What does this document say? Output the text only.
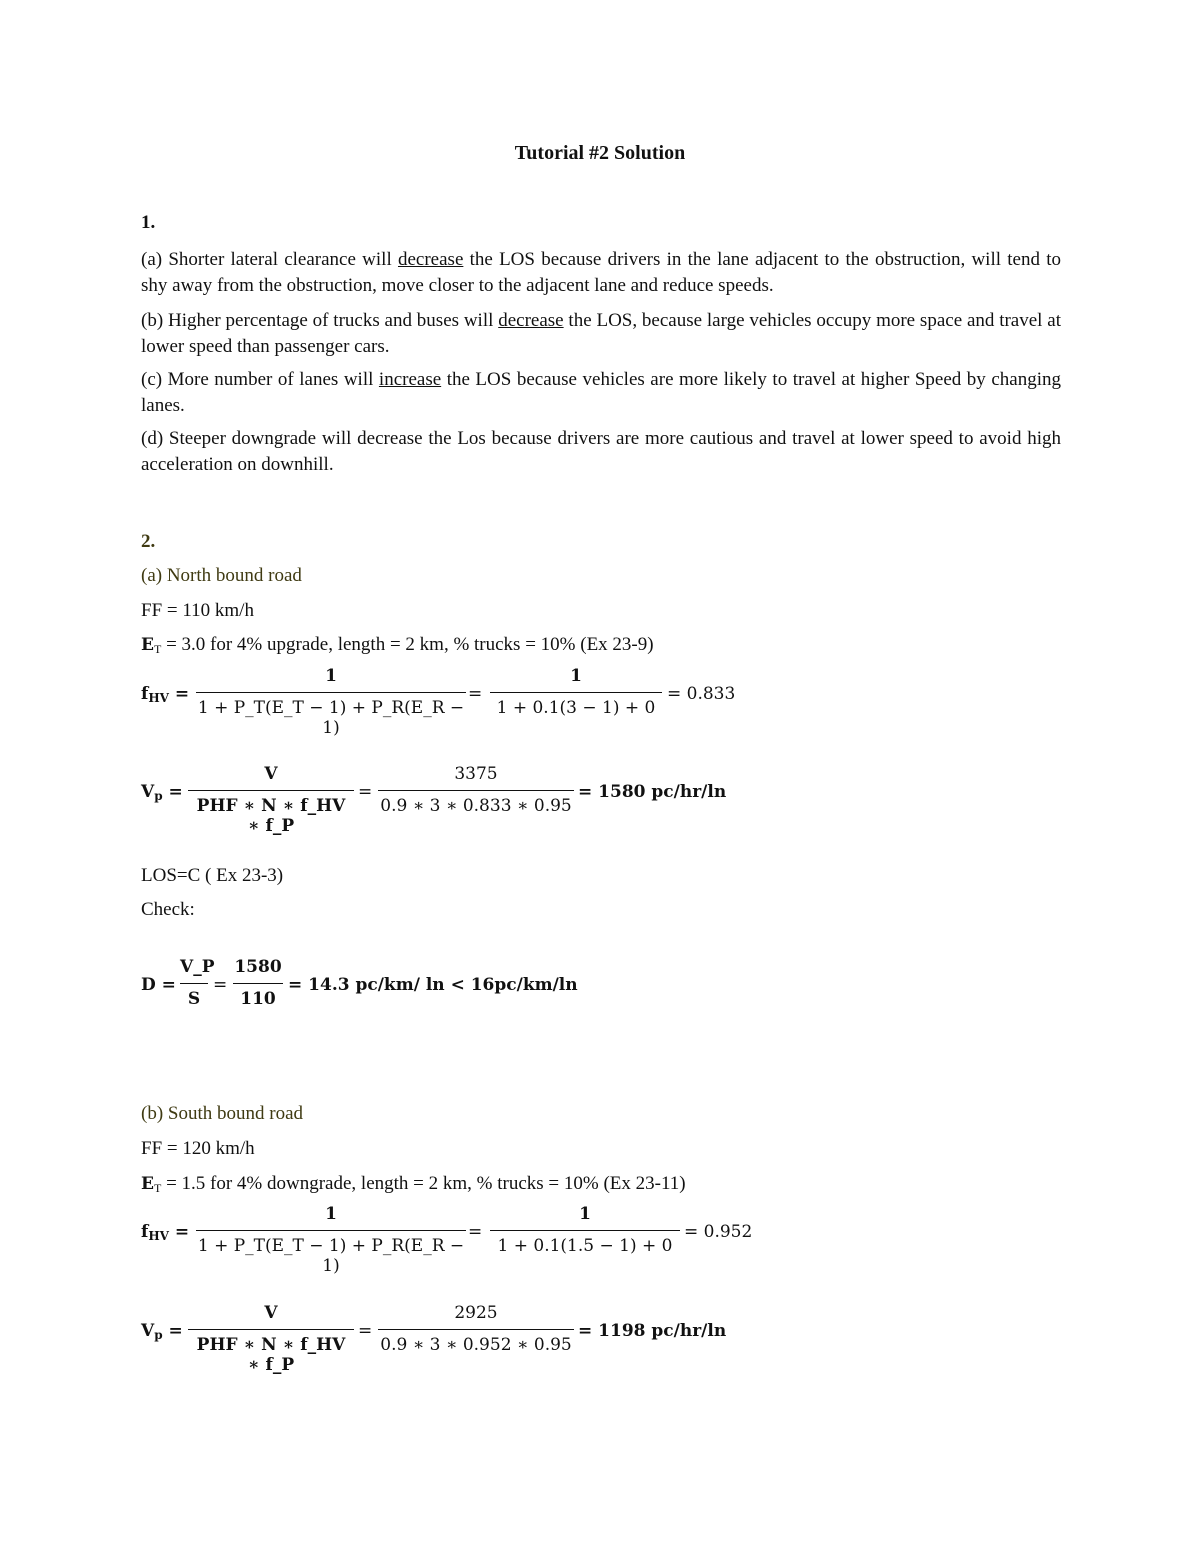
Tutorial #2 Solution
1.
(a) Shorter lateral clearance will decrease the LOS because drivers in the lane adjacent to the obstruction, will tend to shy away from the obstruction, move closer to the adjacent lane and reduce speeds.
(b) Higher percentage of trucks and buses will decrease the LOS, because large vehicles occupy more space and travel at lower speed than passenger cars.
(c) More number of lanes will increase the LOS because vehicles are more likely to travel at higher Speed by changing lanes.
(d) Steeper downgrade will decrease the Los because drivers are more cautious and travel at lower speed to avoid high acceleration on downhill.
2.
(a) North bound road
FF = 110 km/h
$E_T = 3.0$ for 4% upgrade, length = 2 km, % trucks = 10% (Ex 23-9)
$f_{HV}$ =
1
1 + P_T(E_T − 1) + P_R(E_R − 1)
=
1
1 + 0.1(3 − 1) + 0
= 0.833
$V_p$ =
V
PHF ∗ N ∗ f_HV ∗ f_P
=
3375
0.9 ∗ 3 ∗ 0.833 ∗ 0.95
= 1580 pc/hr/ln
LOS=C ( Ex 23-3)
Check:
D =
V_P
S
=
1580
110
= 14.3 pc/km/ ln < 16pc/km/ln
(b) South bound road
FF = 120 km/h
$E_T = 1.5$ for 4% downgrade, length = 2 km, % trucks = 10% (Ex 23-11)
$f_{HV}$ =
1
1 + P_T(E_T − 1) + P_R(E_R − 1)
=
1
1 + 0.1(1.5 − 1) + 0
= 0.952
$V_p$ =
V
PHF ∗ N ∗ f_HV ∗ f_P
=
2925
0.9 ∗ 3 ∗ 0.952 ∗ 0.95
= 1198 pc/hr/ln
